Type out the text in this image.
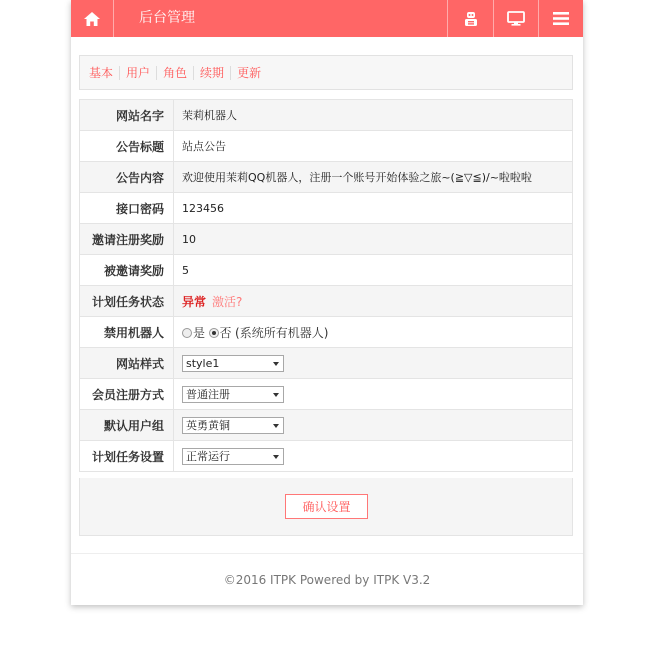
后台管理
基本	用户	角色	续期	更新
网站名字	茉莉机器人
公告标题	站点公告
公告内容	欢迎使用茉莉QQ机器人，注册一个账号开始体验之旅~(≧▽≦)/~啦啦啦
接口密码	123456
邀请注册奖励	10
被邀请奖励	5
计划任务状态	异常 激活?
禁用机器人	是 否 (系统所有机器人)
网站样式	style1

会员注册方式	普通注册

默认用户组	英勇黄铜

计划任务设置	正常运行
确认设置
©2016 ITPK Powered by ITPK V3.2
